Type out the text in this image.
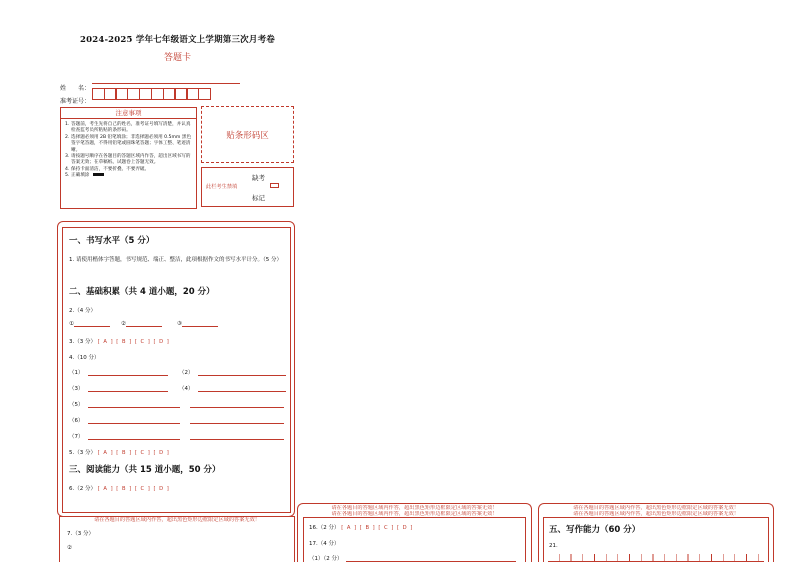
2024-2025 学年七年级语文上学期第三次月考卷
答题卡
姓　　名：
准考证号：
注意事项
1. 答题前，考生先将自己的姓名，准考证号填写清楚，并认真检查监考员所粘贴的条形码。
2. 选择题必须用 2B 铅笔填涂；非选择题必须用 0.5mm 黑色签字笔答题，不得用铅笔或圆珠笔答题；字体工整、笔迹清晰。
3. 请按题号顺序在各题目的答题区域内作答，超出区域书写的答案无效；在草稿纸、试题卷上答题无效。
4. 保持卡面清洁，不要折叠、不要弄破。
5. 正确填涂
贴条形码区
缺考
此栏考生禁填
标记
一、书写水平（5 分）
1. 请使用楷体字答题，书写规范、端正、整洁，此项根据作文的书写水平计分。（5 分）
二、基础积累（共 4 道小题，20 分）
2.（4 分）
①	②	③
3.（3 分） [ A ] [ B ] [ C ] [ D ]
4.（10 分）
（1）	（2）
（3）	（4）
（5）
（6）
（7）
5.（3 分） [ A ] [ B ] [ C ] [ D ]
三、阅读能力（共 15 道小题，50 分）
6.（2 分） [ A ] [ B ] [ C ] [ D ]
请在各题目的答题区域内作答，超出黑色矩形边框限定区域的答案无效！
7.（3 分）
②
请在各题目的答题区域内作答，超出黑色矩形边框限定区域的答案无效！
请在各题目的答题区域内作答，超出黑色矩形边框限定区域的答案无效！
16.（2 分） [ A ] [ B ] [ C ] [ D ]
17.（4 分）
（1）（2 分）
请在各题目的答题区域内作答，超出黑色矩形边框限定区域的答案无效！
请在各题目的答题区域内作答，超出黑色矩形边框限定区域的答案无效！
五、写作能力（60 分）
21.
